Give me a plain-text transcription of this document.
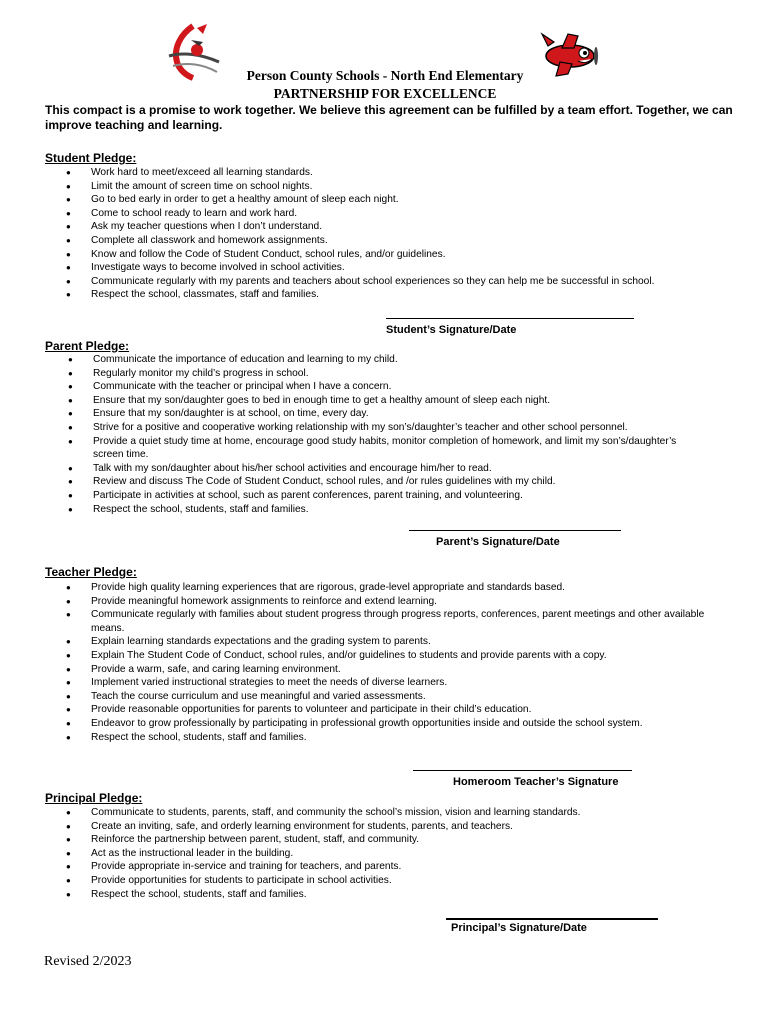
Person County Schools - North End Elementary
PARTNERSHIP FOR EXCELLENCE

This compact is a promise to work together. We believe this agreement can be fulfilled by a team effort. Together, we can improve teaching and learning.

Student Pledge:
● Work hard to meet/exceed all learning standards.
● Limit the amount of screen time on school nights.
● Go to bed early in order to get a healthy amount of sleep each night.
● Come to school ready to learn and work hard.
● Ask my teacher questions when I don’t understand.
● Complete all classwork and homework assignments.
● Know and follow the Code of Student Conduct, school rules, and/or guidelines.
● Investigate ways to become involved in school activities.
● Communicate regularly with my parents and teachers about school experiences so they can help me be successful in school.
● Respect the school, classmates, staff and families.
Student’s Signature/Date
Parent Pledge:
● Communicate the importance of education and learning to my child.
● Regularly monitor my child’s progress in school.
● Communicate with the teacher or principal when I have a concern.
● Ensure that my son/daughter goes to bed in enough time to get a healthy amount of sleep each night.
● Ensure that my son/daughter is at school, on time, every day.
● Strive for a positive and cooperative working relationship with my son’s/daughter’s teacher and other school personnel.
● Provide a quiet study time at home, encourage good study habits, monitor completion of homework, and limit my son’s/daughter’s screen time.
● Talk with my son/daughter about his/her school activities and encourage him/her to read.
● Review and discuss The Code of Student Conduct, school rules, and /or rules guidelines with my child.
● Participate in activities at school, such as parent conferences, parent training, and volunteering.
● Respect the school, students, staff and families.
Parent’s Signature/Date
Teacher Pledge:
● Provide high quality learning experiences that are rigorous, grade-level appropriate and standards based.
● Provide meaningful homework assignments to reinforce and extend learning.
● Communicate regularly with families about student progress through progress reports, conferences, parent meetings and other available means.
● Explain learning standards expectations and the grading system to parents.
● Explain The Student Code of Conduct, school rules, and/or guidelines to students and provide parents with a copy.
● Provide a warm, safe, and caring learning environment.
● Implement varied instructional strategies to meet the needs of diverse learners.
● Teach the course curriculum and use meaningful and varied assessments.
● Provide reasonable opportunities for parents to volunteer and participate in their child’s education.
● Endeavor to grow professionally by participating in professional growth opportunities inside and outside the school system.
● Respect the school, students, staff and families.
Homeroom Teacher’s Signature
Principal Pledge:
● Communicate to students, parents, staff, and community the school’s mission, vision and learning standards.
● Create an inviting, safe, and orderly learning environment for students, parents, and teachers.
● Reinforce the partnership between parent, student, staff, and community.
● Act as the instructional leader in the building.
● Provide appropriate in-service and training for teachers, and parents.
● Provide opportunities for students to participate in school activities.
● Respect the school, students, staff and families.
Principal’s Signature/Date
Revised 2/2023
